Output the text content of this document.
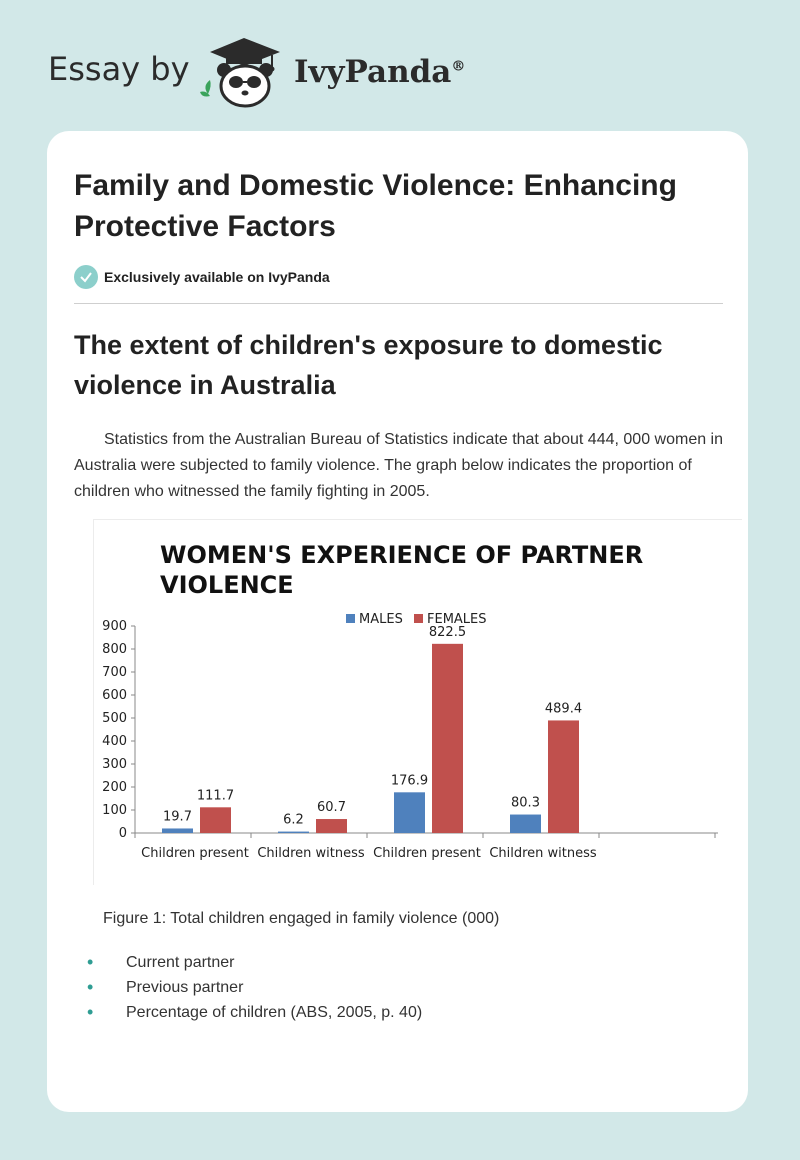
Essay by	IvyPanda®
Family and Domestic Violence: Enhancing Protective Factors
Exclusively available on IvyPanda
The extent of children's exposure to domestic violence in Australia

Statistics from the Australian Bureau of Statistics indicate that about 444, 000 women in Australia were subjected to family violence. The graph below indicates the proportion of children who witnessed the family fighting in 2005.

WOMEN'S EXPERIENCE OF PARTNER
VIOLENCE
0
100
200
300
400
500
600
700
800
900
Children present
19.7
111.7
Children witness
6.2
60.7
Children present
176.9
822.5
Children witness
80.3
489.4
MALES FEMALES

Figure 1: Total children engaged in family violence (000)

• Current partner
• Previous partner
• Percentage of children (ABS, 2005, p. 40)
